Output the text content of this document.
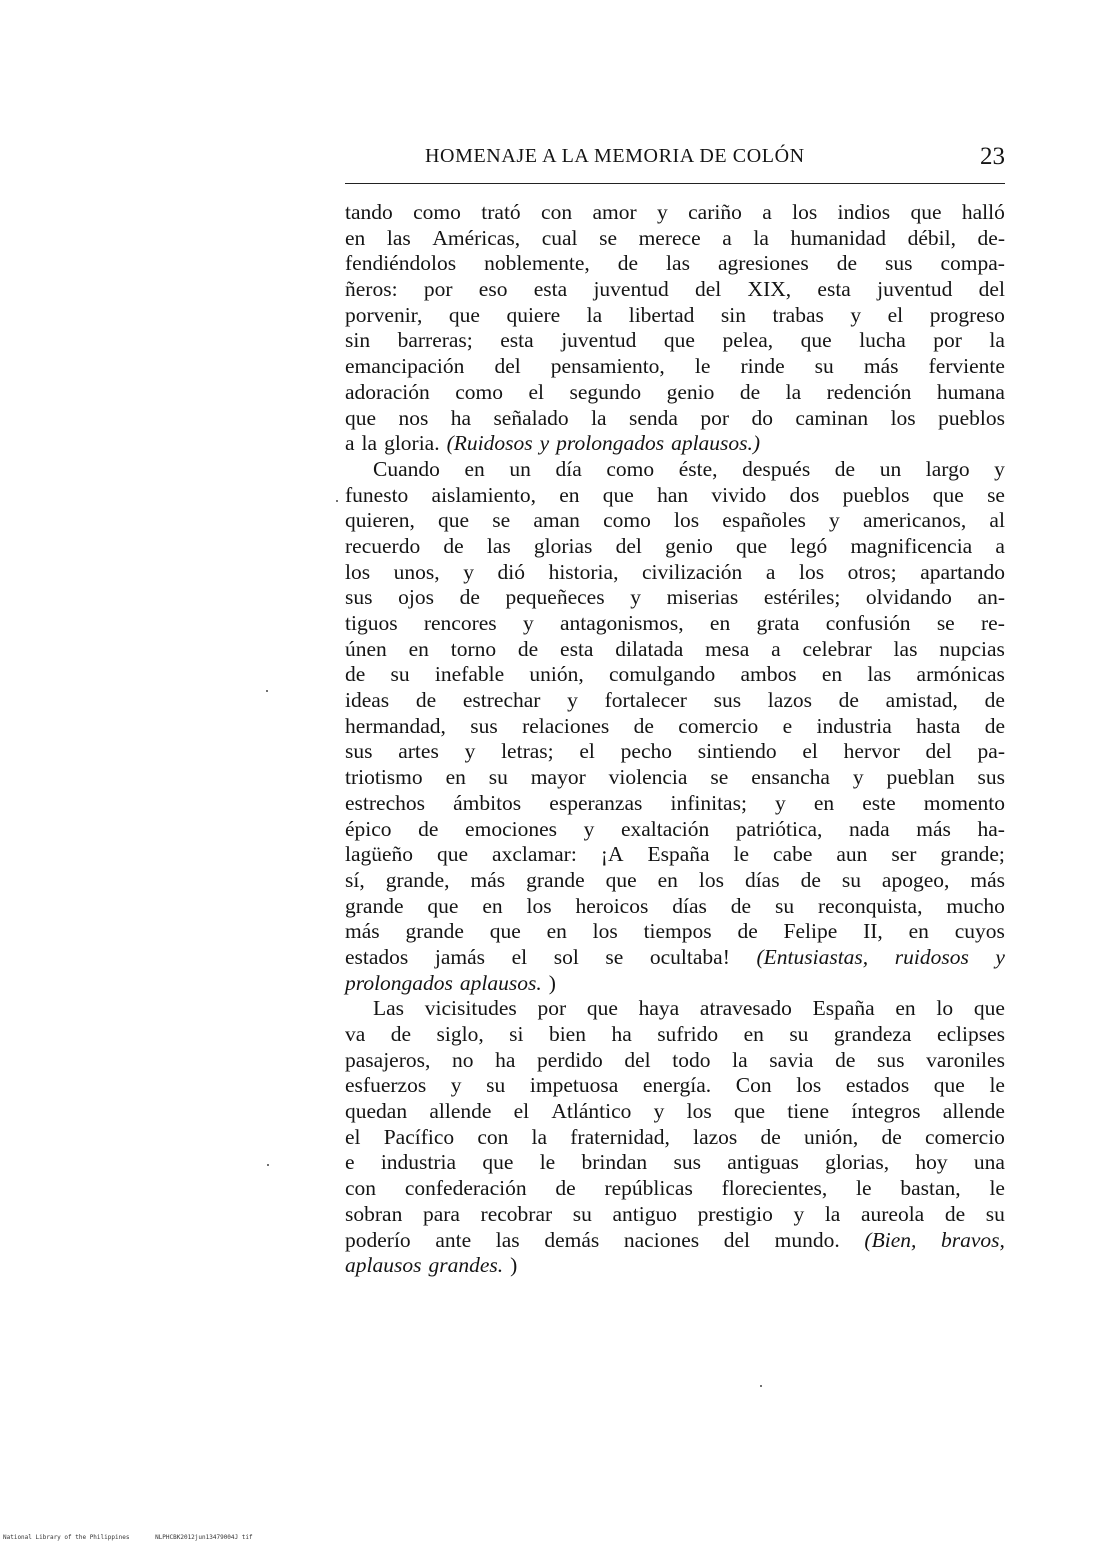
HOMENAJE A LA MEMORIA DE COLÓN	23
tando como trató con amor y cariño a los indios que halló
en las Américas, cual se merece a la humanidad débil, de-
fendiéndolos noblemente, de las agresiones de sus compa-
ñeros: por eso esta juventud del XIX, esta juventud del
porvenir, que quiere la libertad sin trabas y el progreso
sin barreras; esta juventud que pelea, que lucha por la
emancipación del pensamiento, le rinde su más ferviente
adoración como el segundo genio de la redención humana
que nos ha señalado la senda por do caminan los pueblos
a la gloria. (Ruidosos y prolongados aplausos.)
Cuando en un día como éste, después de un largo y
funesto aislamiento, en que han vivido dos pueblos que se
quieren, que se aman como los españoles y americanos, al
recuerdo de las glorias del genio que legó magnificencia a
los unos, y dió historia, civilización a los otros; apartando
sus ojos de pequeñeces y miserias estériles; olvidando an-
tiguos rencores y antagonismos, en grata confusión se re-
únen en torno de esta dilatada mesa a celebrar las nupcias
de su inefable unión, comulgando ambos en las armónicas
ideas de estrechar y fortalecer sus lazos de amistad, de
hermandad, sus relaciones de comercio e industria hasta de
sus artes y letras; el pecho sintiendo el hervor del pa-
triotismo en su mayor violencia se ensancha y pueblan sus
estrechos ámbitos esperanzas infinitas; y en este momento
épico de emociones y exaltación patriótica, nada más ha-
lagüeño que axclamar: ¡A España le cabe aun ser grande;
sí, grande, más grande que en los días de su apogeo, más
grande que en los heroicos días de su reconquista, mucho
más grande que en los tiempos de Felipe II, en cuyos
estados jamás el sol se ocultaba! (Entusiastas, ruidosos y
prolongados aplausos. )
Las vicisitudes por que haya atravesado España en lo que
va de siglo, si bien ha sufrido en su grandeza eclipses
pasajeros, no ha perdido del todo la savia de sus varoniles
esfuerzos y su impetuosa energía. Con los estados que le
quedan allende el Atlántico y los que tiene íntegros allende
el Pacífico con la fraternidad, lazos de unión, de comercio
e industria que le brindan sus antiguas glorias, hoy una
con confederación de repúblicas florecientes, le bastan, le
sobran para recobrar su antiguo prestigio y la aureola de su
poderío ante las demás naciones del mundo. (Bien, bravos,
aplausos grandes. )
National Library of the Philippines	NLPHCBK2012jun13479004J tif
